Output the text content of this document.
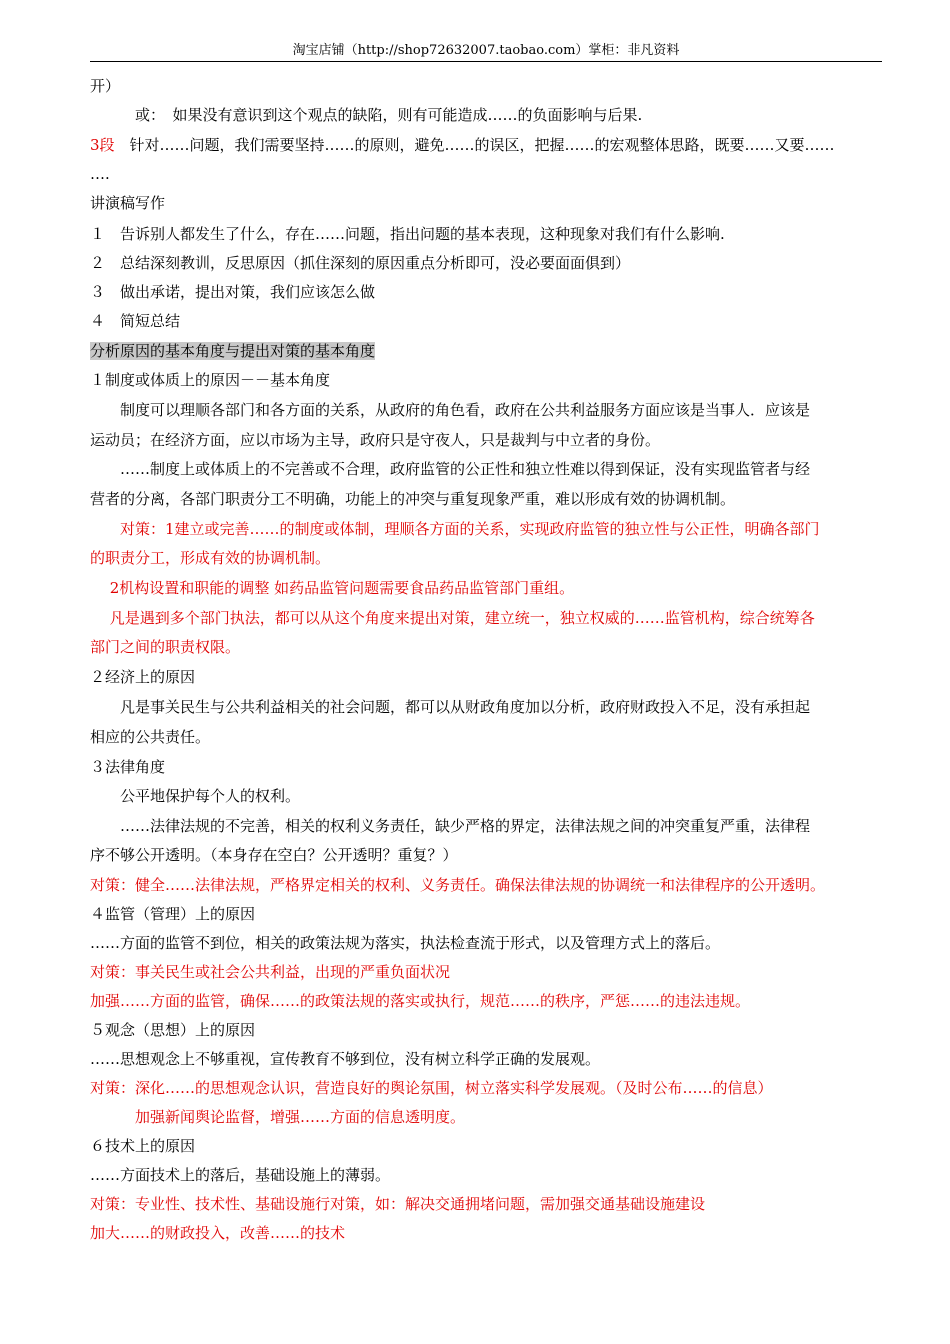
淘宝店铺（http://shop72632007.taobao.com）掌柜：非凡资料
开）
　　　或：　如果没有意识到这个观点的缺陷，则有可能造成……的负面影响与后果.
3段　针对……问题，我们需要坚持……的原则，避免……的误区，把握……的宏观整体思路，既要……又要……
….
讲演稿写作
１　告诉别人都发生了什么，存在……问题，指出问题的基本表现，这种现象对我们有什么影响.
２　总结深刻教训，反思原因（抓住深刻的原因重点分析即可，没必要面面俱到）
３　做出承诺，提出对策，我们应该怎么做
４　简短总结
分析原因的基本角度与提出对策的基本角度
１制度或体质上的原因－－基本角度
　　制度可以理顺各部门和各方面的关系，从政府的角色看，政府在公共利益服务方面应该是当事人．应该是
运动员；在经济方面，应以市场为主导，政府只是守夜人，只是裁判与中立者的身份。
　　……制度上或体质上的不完善或不合理，政府监管的公正性和独立性难以得到保证，没有实现监管者与经
营者的分离，各部门职责分工不明确，功能上的冲突与重复现象严重，难以形成有效的协调机制。
　　对策：1建立或完善……的制度或体制，理顺各方面的关系，实现政府监管的独立性与公正性，明确各部门
的职责分工，形成有效的协调机制。
　 2机构设置和职能的调整 如药品监管问题需要食品药品监管部门重组。
　 凡是遇到多个部门执法，都可以从这个角度来提出对策，建立统一，独立权威的……监管机构，综合统筹各
部门之间的职责权限。
２经济上的原因
　　凡是事关民生与公共利益相关的社会问题，都可以从财政角度加以分析，政府财政投入不足，没有承担起
相应的公共责任。
３法律角度
　　公平地保护每个人的权利。
　　……法律法规的不完善，相关的权利义务责任，缺少严格的界定，法律法规之间的冲突重复严重，法律程
序不够公开透明。（本身存在空白？公开透明？重复？）
对策：健全……法律法规，严格界定相关的权利、义务责任。确保法律法规的协调统一和法律程序的公开透明。
４监管（管理）上的原因
……方面的监管不到位，相关的政策法规为落实，执法检查流于形式，以及管理方式上的落后。
对策：事关民生或社会公共利益，出现的严重负面状况
加强……方面的监管，确保……的政策法规的落实或执行，规范……的秩序，严惩……的违法违规。
５观念（思想）上的原因
……思想观念上不够重视，宣传教育不够到位，没有树立科学正确的发展观。
对策：深化……的思想观念认识，营造良好的舆论氛围，树立落实科学发展观。（及时公布……的信息）
　　　加强新闻舆论监督，增强……方面的信息透明度。
６技术上的原因
……方面技术上的落后，基础设施上的薄弱。
对策：专业性、技术性、基础设施行对策，如：解决交通拥堵问题，需加强交通基础设施建设
加大……的财政投入，改善……的技术
